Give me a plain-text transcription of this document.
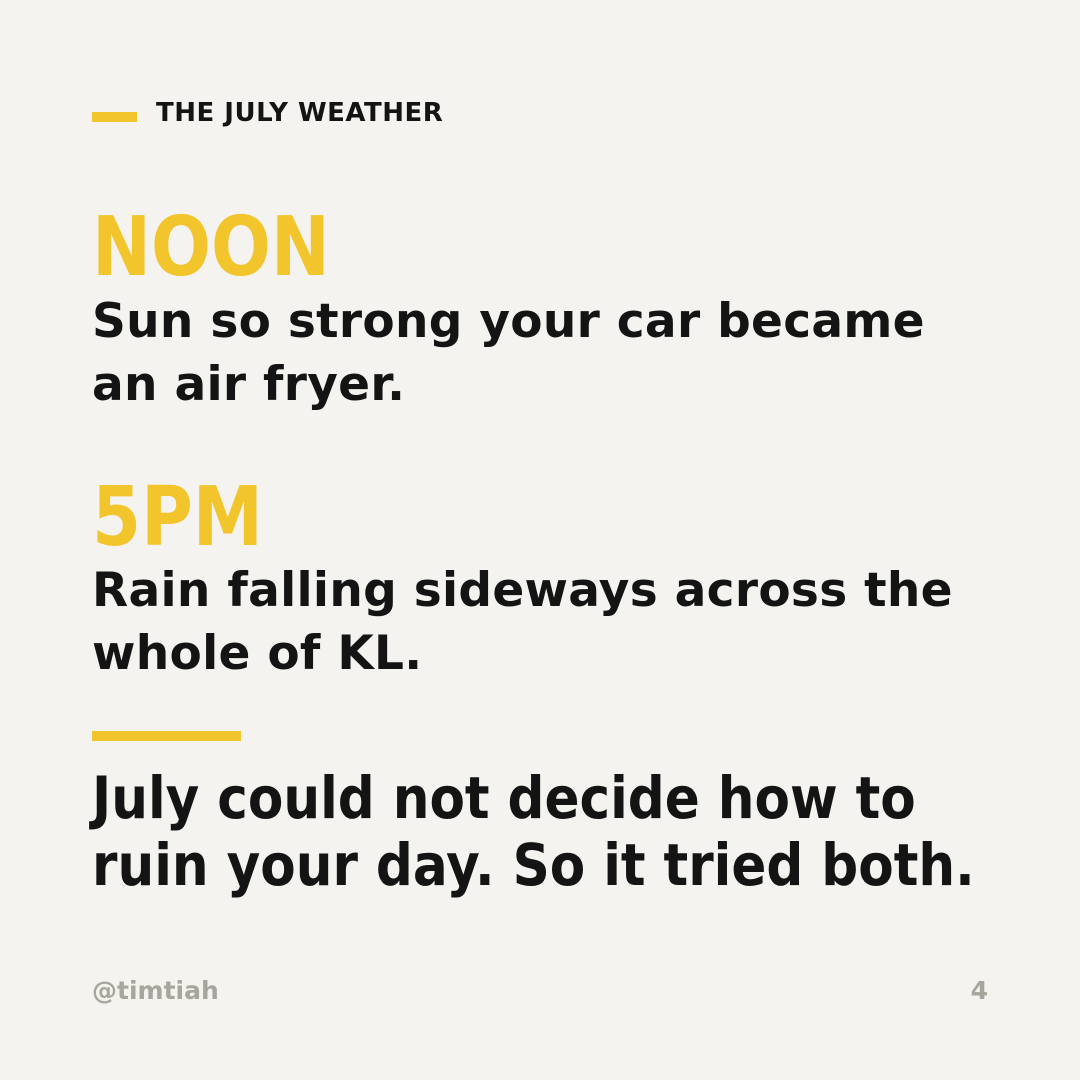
THE JULY WEATHER
NOON
Sun so strong your car became
an air fryer.
5PM
Rain falling sideways across the
whole of KL.
July could not decide how to
ruin your day. So it tried both.
@timtiah	4
